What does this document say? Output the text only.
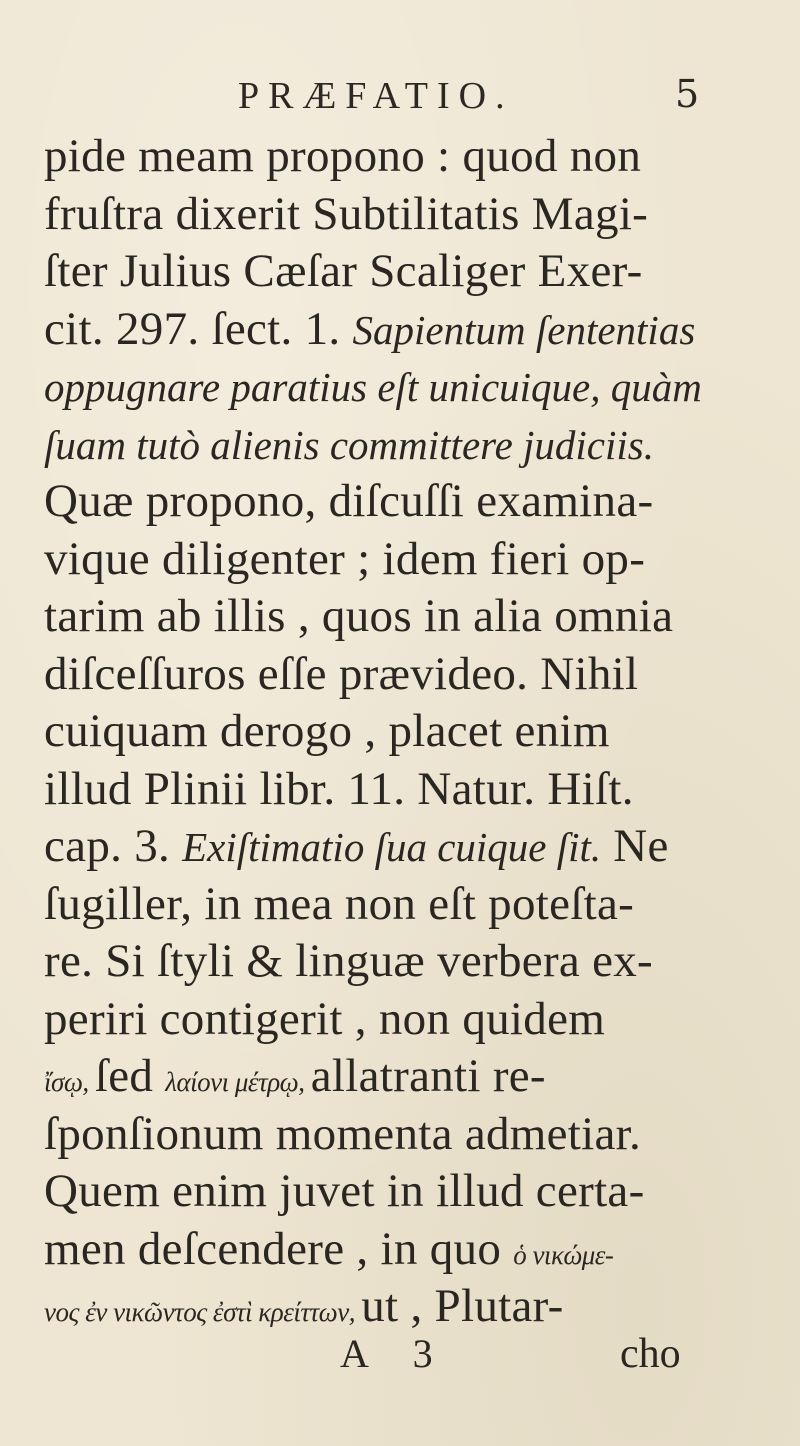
PRÆFATIO.	5
pide meam propono : quod non
fruſtra dixerit Subtilitatis Magi-
ſter Julius Cæſar Scaliger Exer-
cit. 297. ſect. 1. Sapientum ſententias
oppugnare paratius eſt unicuique, quàm
ſuam tutò alienis committere judiciis.
Quæ propono, diſcuſſi examina-
vique diligenter ; idem fieri op-
tarim ab illis , quos in alia omnia
diſceſſuros eſſe prævideo. Nihil
cuiquam derogo , placet enim
illud Plinii libr. 11. Natur. Hiſt.
cap. 3. Exiſtimatio ſua cuique ſit. Ne
ſugiller, in mea non eſt poteſta-
re. Si ſtyli & linguæ verbera ex-
periri contigerit , non quidem
ἴσῳ, ſed λαίονι μέτρῳ, allatranti re-
ſponſionum momenta admetiar.
Quem enim juvet in illud certa-
men deſcendere , in quo ὁ νικώμε-
νος ἐν νικῶντος ἐστὶ κρείττων, ut , Plutar-
A 3	cho
